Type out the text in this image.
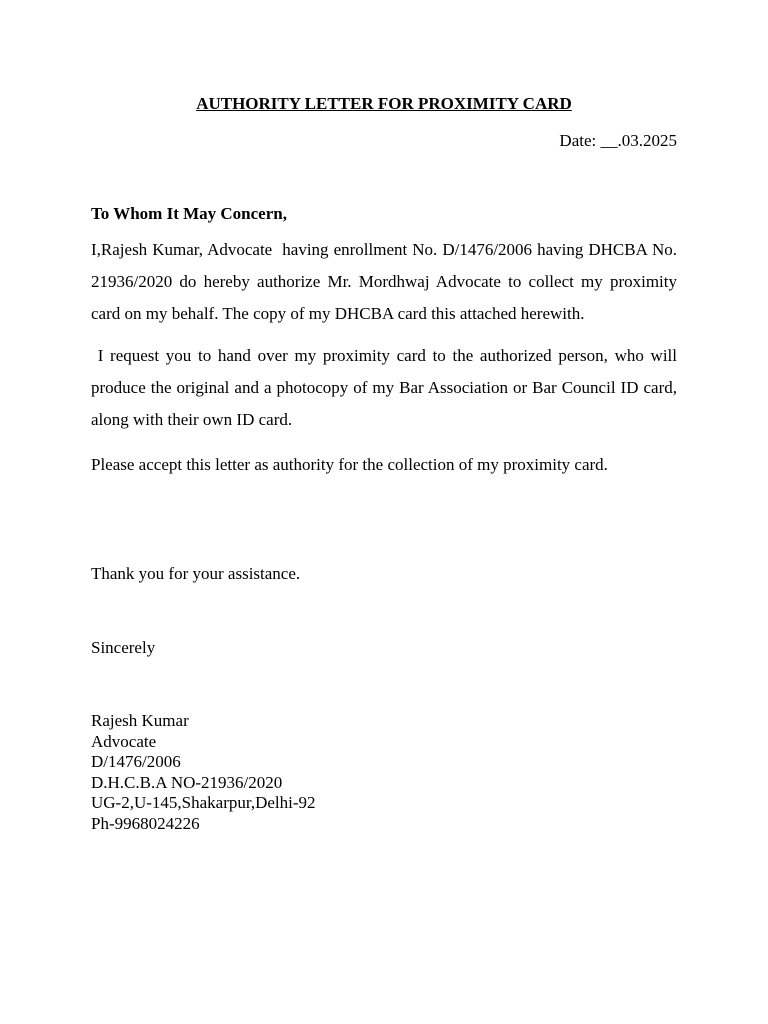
AUTHORITY LETTER FOR PROXIMITY CARD
Date: __.03.2025
To Whom It May Concern,

I,Rajesh Kumar, Advocate  having enrollment No. D/1476/2006 having DHCBA No. 21936/2020 do hereby authorize Mr. Mordhwaj Advocate to collect my proximity card on my behalf. The copy of my DHCBA card this attached herewith.

I request you to hand over my proximity card to the authorized person, who will produce the original and a photocopy of my Bar Association or Bar Council ID card, along with their own ID card.

Please accept this letter as authority for the collection of my proximity card.

Thank you for your assistance.
Sincerely
Rajesh Kumar
Advocate
D/1476/2006
D.H.C.B.A NO-21936/2020
UG-2,U-145,Shakarpur,Delhi-92
Ph-9968024226
